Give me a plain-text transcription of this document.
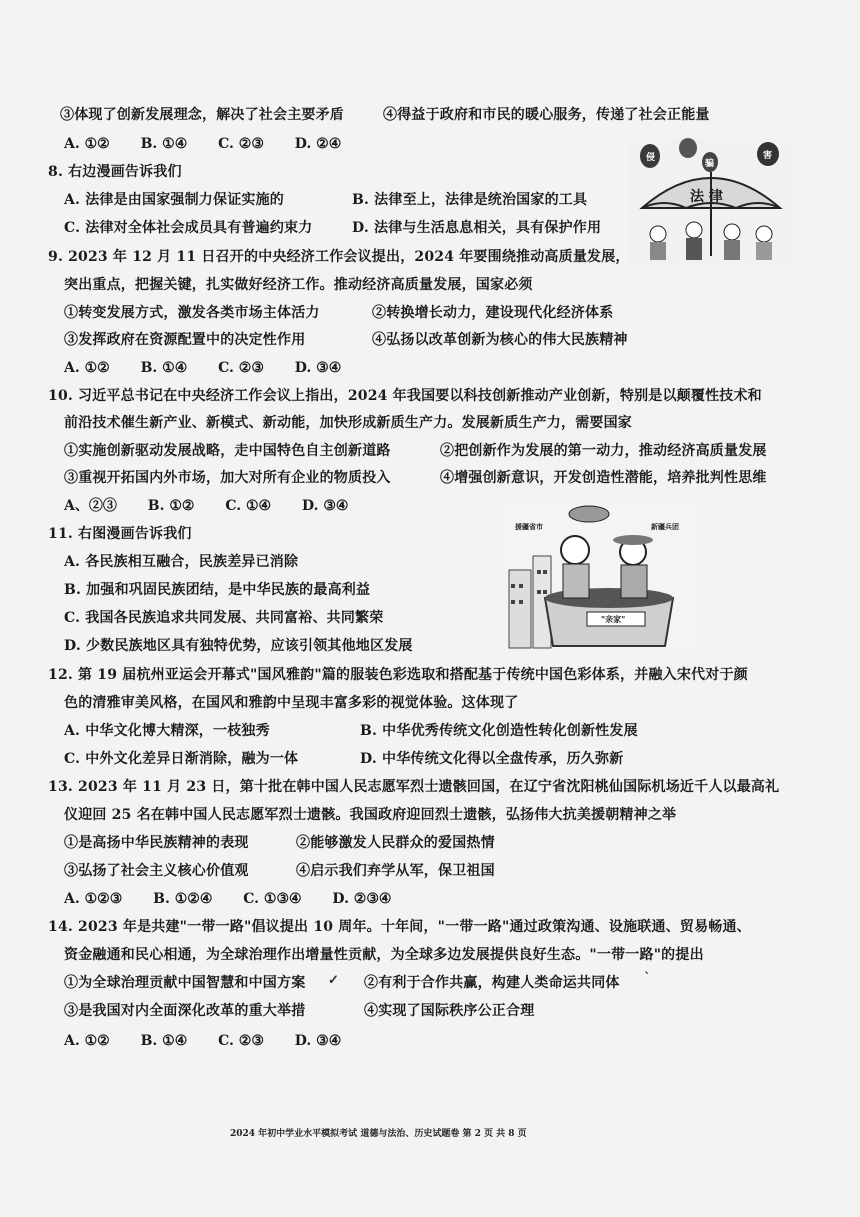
③体现了创新发展理念，解决了社会主要矛盾	④得益于政府和市民的暖心服务，传递了社会正能量
A. ①② B. ①④ C. ②③ D. ②④
8. 右边漫画告诉我们
A. 法律是由国家强制力保证实施的	B. 法律至上，法律是统治国家的工具
C. 法律对全体社会成员具有普遍约束力	D. 法律与生活息息相关，具有保护作用
侵
骗
害
法 律
9. 2023 年 12 月 11 日召开的中央经济工作会议提出，2024 年要围绕推动高质量发展，
突出重点，把握关键，扎实做好经济工作。推动经济高质量发展，国家必须
①转变发展方式，激发各类市场主体活力	②转换增长动力，建设现代化经济体系
③发挥政府在资源配置中的决定性作用	④弘扬以改革创新为核心的伟大民族精神
A. ①② B. ①④ C. ②③ D. ③④
10. 习近平总书记在中央经济工作会议上指出，2024 年我国要以科技创新推动产业创新，特别是以颠覆性技术和
前沿技术催生新产业、新模式、新动能，加快形成新质生产力。发展新质生产力，需要国家
①实施创新驱动发展战略，走中国特色自主创新道路	②把创新作为发展的第一动力，推动经济高质量发展
③重视开拓国内外市场，加大对所有企业的物质投入	④增强创新意识，开发创造性潜能，培养批判性思维
A、②③ B. ①② C. ①④ D. ③④
11. 右图漫画告诉我们
A. 各民族相互融合，民族差异已消除
B. 加强和巩固民族团结，是中华民族的最高利益
C. 我国各民族追求共同发展、共同富裕、共同繁荣
D. 少数民族地区具有独特优势，应该引领其他地区发展
援疆省市	新疆兵团
"亲家"
12. 第 19 届杭州亚运会开幕式"国风雅韵"篇的服装色彩选取和搭配基于传统中国色彩体系，并融入宋代对于颜
色的清雅审美风格，在国风和雅韵中呈现丰富多彩的视觉体验。这体现了
A. 中华文化博大精深，一枝独秀	B. 中华优秀传统文化创造性转化创新性发展
C. 中外文化差异日渐消除，融为一体	D. 中华传统文化得以全盘传承，历久弥新
13. 2023 年 11 月 23 日，第十批在韩中国人民志愿军烈士遗骸回国，在辽宁省沈阳桃仙国际机场近千人以最高礼
仪迎回 25 名在韩中国人民志愿军烈士遗骸。我国政府迎回烈士遗骸，弘扬伟大抗美援朝精神之举
①是高扬中华民族精神的表现	②能够激发人民群众的爱国热情
③弘扬了社会主义核心价值观	④启示我们弃学从军，保卫祖国
A. ①②③ B. ①②④ C. ①③④ D. ②③④
14. 2023 年是共建"一带一路"倡议提出 10 周年。十年间，"一带一路"通过政策沟通、设施联通、贸易畅通、
资金融通和民心相通，为全球治理作出增量性贡献，为全球多边发展提供良好生态。"一带一路"的提出
①为全球治理贡献中国智慧和中国方案 ✓ ②有利于合作共赢，构建人类命运共同体 ˋ
③是我国对内全面深化改革的重大举措	④实现了国际秩序公正合理
A. ①② B. ①④ C. ②③ D. ③④
2024 年初中学业水平模拟考试 道德与法治、历史试题卷 第 2 页 共 8 页
